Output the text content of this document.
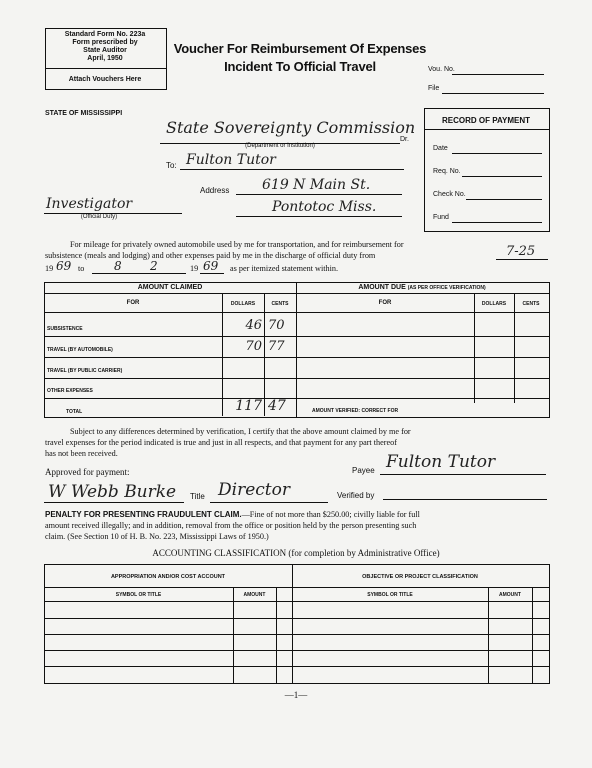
Standard Form No. 223a
Form prescribed by
State Auditor
April, 1950
Attach Vouchers Here
Voucher For Reimbursement Of Expenses
Incident To Official Travel	Vou. No.
File
STATE OF MISSISSIPPI
State Sovereignty Commission
Dr.
(Department or Institution)
To: Fulton Tutor
Address 619 N Main St.
Pontotoc Miss.
Investigator
(Official Duty)
RECORD OF PAYMENT
Date
Req. No.
Check No.
Fund
For mileage for privately owned automobile used by me for transportation, and for reimbursement for
subsistence (meals and lodging) and other expenses paid by me in the discharge of official duty from	7-25
19 69 to 8 2	19 69 as per itemized statement within.
AMOUNT CLAIMED	AMOUNT DUE (AS PER OFFICE VERIFICATION)
FOR	DOLLARS	CENTS	FOR	DOLLARS	CENTS
SUBSISTENCE	46 70
TRAVEL (BY AUTOMOBILE)	70 77
TRAVEL (BY PUBLIC CARRIER)
OTHER EXPENSES
TOTAL	117 47	AMOUNT VERIFIED: CORRECT FOR
Subject to any differences determined by verification, I certify that the above amount claimed by me for
travel expenses for the period indicated is true and just in all respects, and that payment for any part thereof
has not been received.
Approved for payment:	Payee Fulton Tutor
W Webb Burke Title Director	Verified by
PENALTY FOR PRESENTING FRAUDULENT CLAIM.—Fine of not more than $250.00; civilly liable for full
amount received illegally; and in addition, removal from the office or position held by the person presenting such
claim. (See Section 10 of H. B. No. 223, Mississippi Laws of 1950.)
ACCOUNTING CLASSIFICATION (for completion by Administrative Office)
APPROPRIATION AND/OR COST ACCOUNT	OBJECTIVE OR PROJECT CLASSIFICATION
SYMBOL OR TITLE	AMOUNT	SYMBOL OR TITLE	AMOUNT
—1—
